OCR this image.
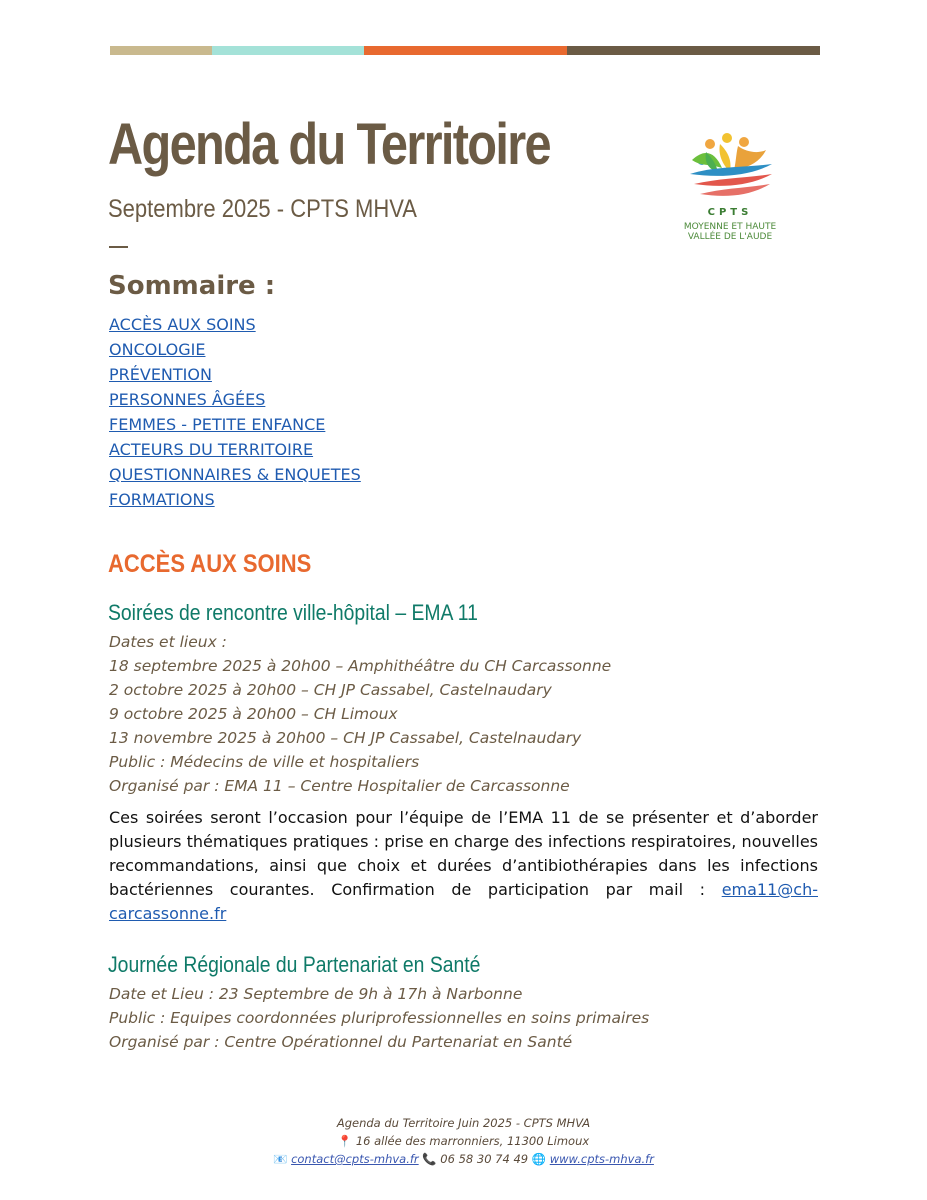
Agenda du Territoire
Septembre 2025 - CPTS MHVA	CPTS
MOYENNE ET HAUTE
VALLÉE DE L'AUDE
Sommaire :
ACCÈS AUX SOINS
ONCOLOGIE
PRÉVENTION
PERSONNES ÂGÉES
FEMMES - PETITE ENFANCE
ACTEURS DU TERRITOIRE
QUESTIONNAIRES & ENQUETES
FORMATIONS
ACCÈS AUX SOINS
Soirées de rencontre ville-hôpital – EMA 11
Dates et lieux :
18 septembre 2025 à 20h00 – Amphithéâtre du CH Carcassonne
2 octobre 2025 à 20h00 – CH JP Cassabel, Castelnaudary
9 octobre 2025 à 20h00 – CH Limoux
13 novembre 2025 à 20h00 – CH JP Cassabel, Castelnaudary
Public : Médecins de ville et hospitaliers
Organisé par : EMA 11 – Centre Hospitalier de Carcassonne

Ces soirées seront l’occasion pour l’équipe de l’EMA 11 de se présenter et d’aborder plusieurs thématiques pratiques : prise en charge des infections respiratoires, nouvelles recommandations, ainsi que choix et durées d’antibiothérapies dans les infections bactériennes courantes. Confirmation de participation par mail : ema11@ch-carcassonne.fr

Journée Régionale du Partenariat en Santé
Date et Lieu : 23 Septembre de 9h à 17h à Narbonne
Public : Equipes coordonnées pluriprofessionnelles en soins primaires
Organisé par : Centre Opérationnel du Partenariat en Santé
Agenda du Territoire Juin 2025 - CPTS MHVA
📍 16 allée des marronniers, 11300 Limoux
📧 contact@cpts-mhva.fr 📞 06 58 30 74 49 🌐 www.cpts-mhva.fr
